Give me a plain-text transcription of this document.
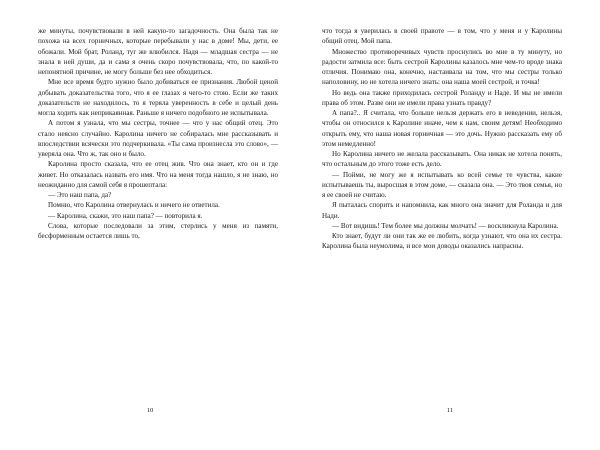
же минуты, почувствовали в ней какую-то загадочность. Она была так не похожа на всех горничных, которые перебывали у нас в доме! Мы, дети, ее обожали. Мой брат, Роланд, туг же влюбился. Надя — младшая сестра — не знала в ней души, да и сама я очень скоро почувствовала, что, по какой-то непонятной причине, не могу больше без нее обходиться.

Мне все время будто нужно было добиваться ее признания. Любой ценой добывать доказательства того, что я ее глазах я чего-то стою. Если же таких доказательств не находилось, то я теряла уверенность в себе и целый день могла ходить как неприкаянная. Раньше я ничего подобного не испытывала.

А потом я узнала, что мы сестры, точнее — что у нас общий отец. Это стало неясно случайно. Каролина ничего не собиралась мне рассказывать и впоследствии всячески это подчеркивала. «Ты сама произнесла это слово», — уверяла она. Что ж, так оно и было.

Каролина просто сказала, что ее отец жив. Что она знает, кто он и где живет. Но отказалась назвать его имя. Что на меня тогда нашло, я не знаю, но неожиданно для самой себя я прошептала:

— Это наш папа, да?

Помню, что Каролина отвернулась и ничего не ответила.

— Каролина, скажи, это наш папа? — повторила я.

Слова, которые последовали за этим, стерлись у меня из памяти, бесформенным остается лишь то,

10

что тогда я уверилась в своей правоте — в том, что у меня и у Каролины общий отец. Мой папа.

Множество противоречивых чувств проснулись во мне в ту минуту, но радости затмила все: быть сестрой Каролины казалось мне чем-то вроде знака отличия. Понимаю она, конечно, настаивала на том, что мы сестры только наполовину, но не хотела ничего знать: она наша моей сестрой, и точка!

Но ведь она также приходилась сестрой Роланду и Наде. И мы не имели права об этом. Разве они не имели права узнать правду?

А папа?.. Я считала, что больше нельзя держать его в неведении, нельзя, чтобы он относился к Каролине иначе, чем к нам, своим детям! Необходимо открыть ему, что наша новая горничная — это дочь. Нужно рассказать ему об этом немедленно!

Но Каролина ничего не желала рассказывать. Она никак не хотела понять, что остальным до этого тоже есть дело.

— Пойми, не могу же я испытывать ко всей семье те чувства, какие испытываешь ты, выросшая в этом доме, — сказала она. — Это твоя семья, но я ее своей не считаю.

Я пыталась спорить и напомнила, как много она значит для Роланда и для Нади.

— Вот видишь! Тем более мы должны молчать! — воскликнула Каролина.

Кто знает, будут ли они так же ее любить, когда узнают, что она их сестра. Каролина была неумолима, и все мои доводы оказались напрасны.

11
